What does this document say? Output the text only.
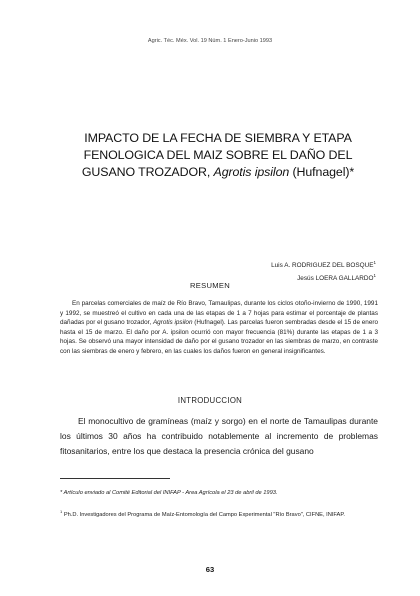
Agric. Téc. Méx. Vol. 19 Núm. 1 Enero-Junio 1993
IMPACTO DE LA FECHA DE SIEMBRA Y ETAPA
FENOLOGICA DEL MAIZ SOBRE EL DAÑO DEL
GUSANO TROZADOR, Agrotis ipsilon (Hufnagel)*
Luis A. RODRIGUEZ DEL BOSQUE$^1$
Jesús LOERA GALLARDO$^1$
RESUMEN

En parcelas comerciales de maíz de Río Bravo, Tamaulipas, durante los ciclos otoño-invierno de 1990, 1991 y 1992, se muestreó el cultivo en cada una de las etapas de 1 a 7 hojas para estimar el porcentaje de plantas dañadas por el gusano trozador, Agrotis ipsilon (Hufnagel). Las parcelas fueron sembradas desde el 15 de enero hasta el 15 de marzo. El daño por A. ipsilon ocurrió con mayor frecuencia (81%) durante las etapas de 1 a 3 hojas. Se observó una mayor intensidad de daño por el gusano trozador en las siembras de marzo, en contraste con las siembras de enero y febrero, en las cuales los daños fueron en general insignificantes.

INTRODUCCION

El monocultivo de gramíneas (maíz y sorgo) en el norte de Tamaulipas durante los últimos 30 años ha contribuido notablemente al incremento de problemas fitosanitarios, entre los que destaca la presencia crónica del gusano

* Artículo enviado al Comité Editorial del INIFAP - Area Agrícola el 23 de abril de 1993.
$^1$ Ph.D. Investigadores del Programa de Maíz-Entomología del Campo Experimental "Río Bravo", CIFNE, INIFAP.
63
